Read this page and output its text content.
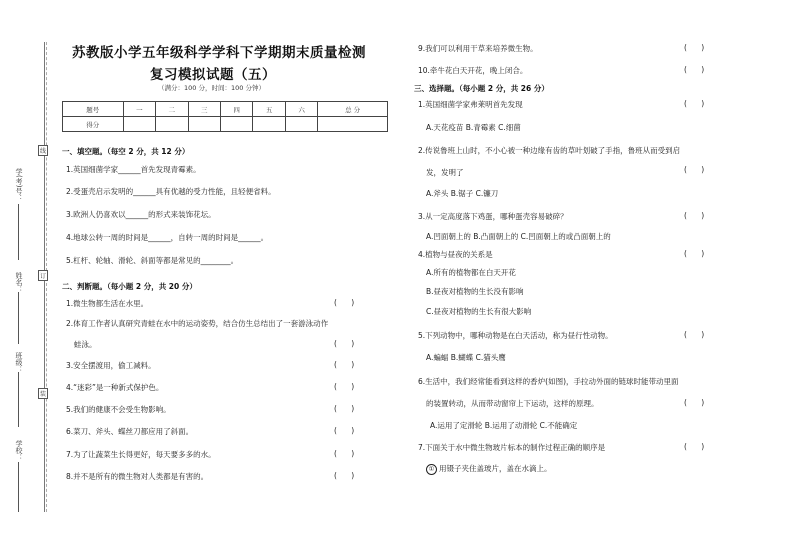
学校：
班级：
姓名：
学(考)号：
线
订
装
苏教版小学五年级科学学科下学期期末质量检测
复习模拟试题（五）
（满分：100 分，时间：100 分钟）
题号	一	二	三	四	五	六	总 分
得分							
一、填空题。（每空 2 分，共 12 分）
1.英国细菌学家______首先发现青霉素。
2.受蛋壳启示发明的______具有优越的受力性能，且轻便省料。
3.欧洲人仍喜欢以______的形式来装饰花坛。
4.地球公转一周的时间是______，自转一周的时间是______。
5.杠杆、轮轴、滑轮、斜面等都是常见的________。
二、判断题。（每小题 2 分，共 20 分）
1.微生物都生活在水里。	(      )
2.体育工作者认真研究青蛙在水中的运动姿势，结合仿生总结出了一套游泳动作
蛙泳。	(      )
3.安全摆渡用，偷工减料。	(      )
4.“迷彩”是一种新式保护色。	(      )
5.我们的健康不会受生物影响。	(      )
6.菜刀、斧头、蝶丝刀都应用了斜面。	(      )
7.为了让蔬菜生长得更好，每天要多多的水。	(      )
8.并不是所有的微生物对人类都是有害的。	(      )
9.我们可以利用干草来培养微生物。	(      )
10.牵牛花白天开花，晚上闭合。	(      )
三、选择题。（每小题 2 分，共 26 分）
1.英国细菌学家弗莱明首先发现	(      )
A.天花疫苗 B.青霉素 C.细菌
2.传说鲁班上山时，不小心被一种边缘有齿的草叶划破了手指，鲁班从而受到启
发，发明了	(      )
A.斧头 B.锯子 C.镰刀
3.从一定高度落下鸡蛋，哪种蛋壳容易破碎？	(      )
A.凹面朝上的 B.凸面朝上的 C.凹面朝上的或凸面朝上的
4.植物与昼夜的关系是	(      )
A.所有的植物都在白天开花
B.昼夜对植物的生长没有影响
C.昼夜对植物的生长有很大影响
5.下列动物中，哪种动物是在白天活动，称为昼行性动物。	(      )
A.蝙蝠 B.蝴蝶 C.猫头鹰
6.生活中，我们经常能看到这样的香炉(如图)，手拉动外面的链球时能带动里面
的装置转动，从而带动窗帘上下运动，这样的原理。	(      )
A.运用了定滑轮 B.运用了动滑轮 C.不能确定
7.下面关于水中微生物玻片标本的制作过程正确的顺序是	(      )
① 用镊子夹住盖玻片，盖在水滴上。
